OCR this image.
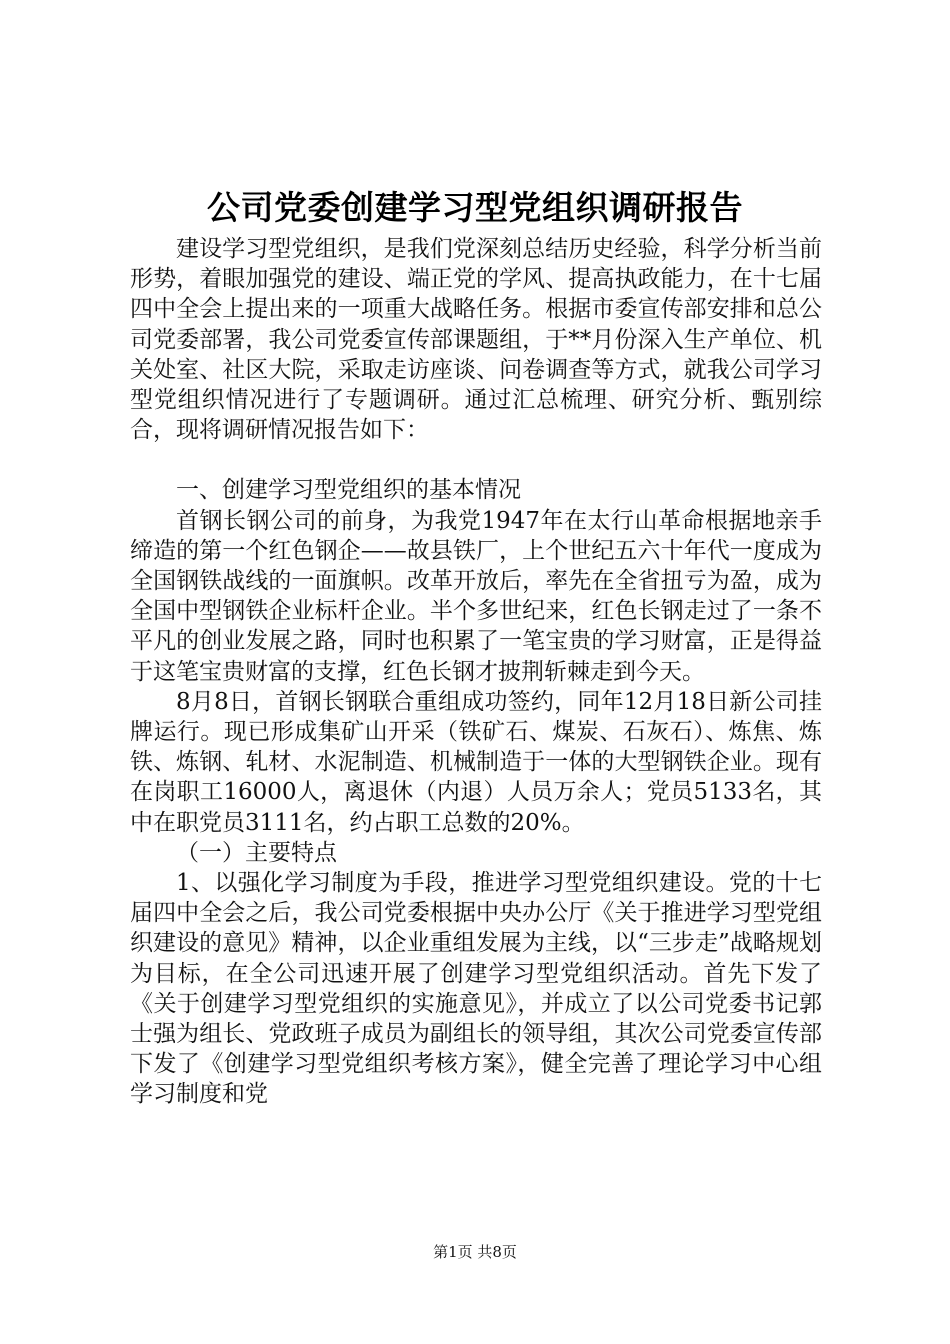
公司党委创建学习型党组织调研报告

建设学习型党组织，是我们党深刻总结历史经验，科学分析当前形势，着眼加强党的建设、端正党的学风、提高执政能力，在十七届四中全会上提出来的一项重大战略任务。根据市委宣传部安排和总公司党委部署，我公司党委宣传部课题组，于**月份深入生产单位、机关处室、社区大院，采取走访座谈、问卷调查等方式，就我公司学习型党组织情况进行了专题调研。通过汇总梳理、研究分析、甄别综合，现将调研情况报告如下：

一、创建学习型党组织的基本情况

首钢长钢公司的前身，为我党1947年在太行山革命根据地亲手缔造的第一个红色钢企——故县铁厂，上个世纪五六十年代一度成为全国钢铁战线的一面旗帜。改革开放后，率先在全省扭亏为盈，成为全国中型钢铁企业标杆企业。半个多世纪来，红色长钢走过了一条不平凡的创业发展之路，同时也积累了一笔宝贵的学习财富，正是得益于这笔宝贵财富的支撑，红色长钢才披荆斩棘走到今天。

8月8日，首钢长钢联合重组成功签约，同年12月18日新公司挂牌运行。现已形成集矿山开采（铁矿石、煤炭、石灰石）、炼焦、炼铁、炼钢、轧材、水泥制造、机械制造于一体的大型钢铁企业。现有在岗职工16000人，离退休（内退）人员万余人；党员5133名，其中在职党员3111名，约占职工总数的20%。

（一）主要特点

1、以强化学习制度为手段，推进学习型党组织建设。党的十七届四中全会之后，我公司党委根据中央办公厅《关于推进学习型党组织建设的意见》精神，以企业重组发展为主线，以“三步走”战略规划为目标，在全公司迅速开展了创建学习型党组织活动。首先下发了《关于创建学习型党组织的实施意见》，并成立了以公司党委书记郭士强为组长、党政班子成员为副组长的领导组，其次公司党委宣传部下发了《创建学习型党组织考核方案》，健全完善了理论学习中心组学习制度和党

第1页 共8页
